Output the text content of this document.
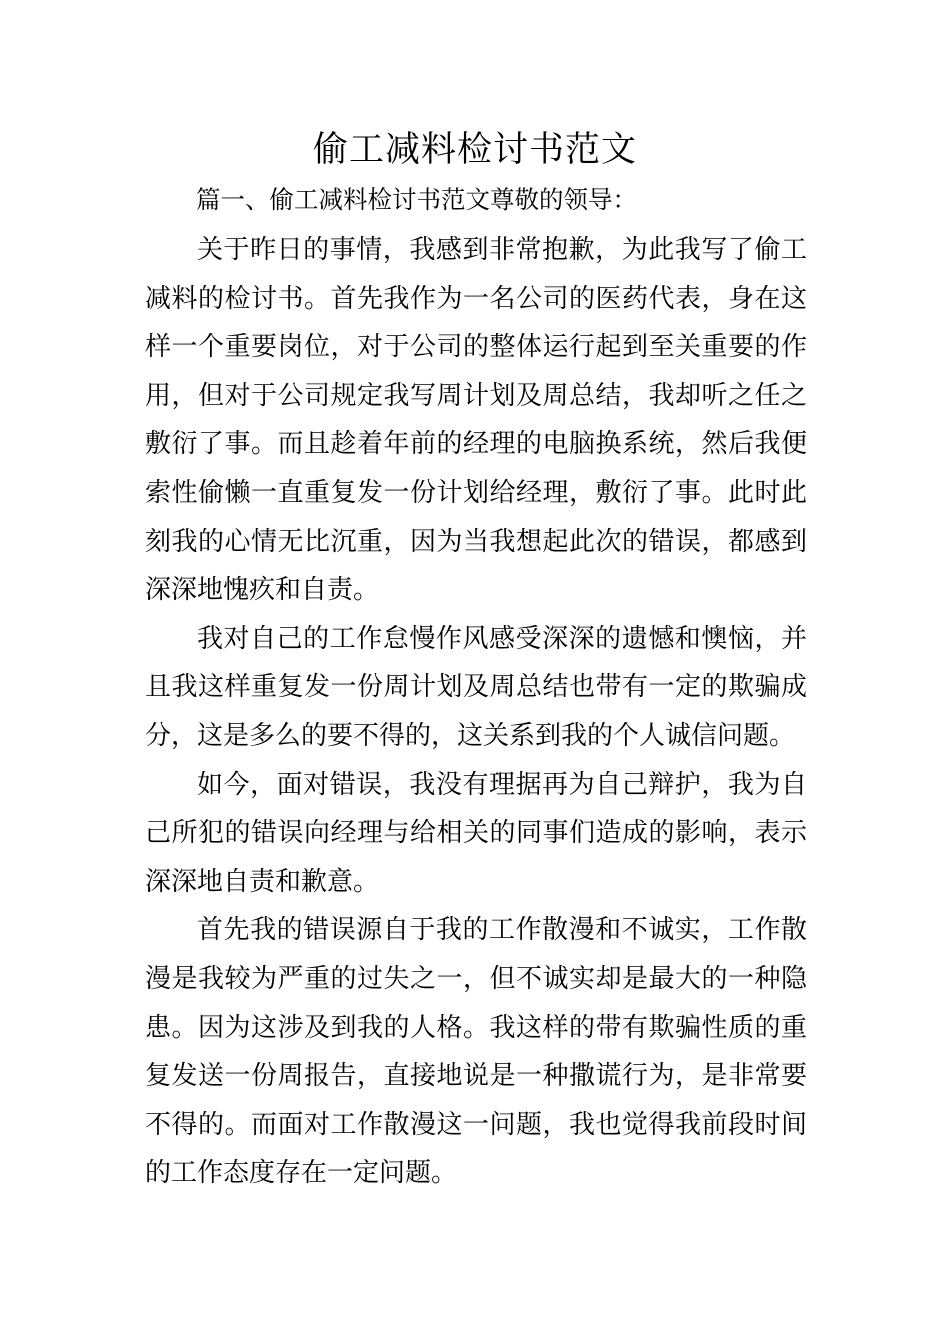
偷工减料检讨书范文

篇一、偷工减料检讨书范文尊敬的领导：

关于昨日的事情，我感到非常抱歉，为此我写了偷工减料的检讨书。首先我作为一名公司的医药代表，身在这样一个重要岗位，对于公司的整体运行起到至关重要的作用，但对于公司规定我写周计划及周总结，我却听之任之敷衍了事。而且趁着年前的经理的电脑换系统，然后我便索性偷懒一直重复发一份计划给经理，敷衍了事。此时此刻我的心情无比沉重，因为当我想起此次的错误，都感到深深地愧疚和自责。

我对自己的工作怠慢作风感受深深的遗憾和懊恼，并且我这样重复发一份周计划及周总结也带有一定的欺骗成分，这是多么的要不得的，这关系到我的个人诚信问题。

如今，面对错误，我没有理据再为自己辩护，我为自己所犯的错误向经理与给相关的同事们造成的影响，表示深深地自责和歉意。

首先我的错误源自于我的工作散漫和不诚实，工作散漫是我较为严重的过失之一，但不诚实却是最大的一种隐患。因为这涉及到我的人格。我这样的带有欺骗性质的重复发送一份周报告，直接地说是一种撒谎行为，是非常要不得的。而面对工作散漫这一问题，我也觉得我前段时间的工作态度存在一定问题。
